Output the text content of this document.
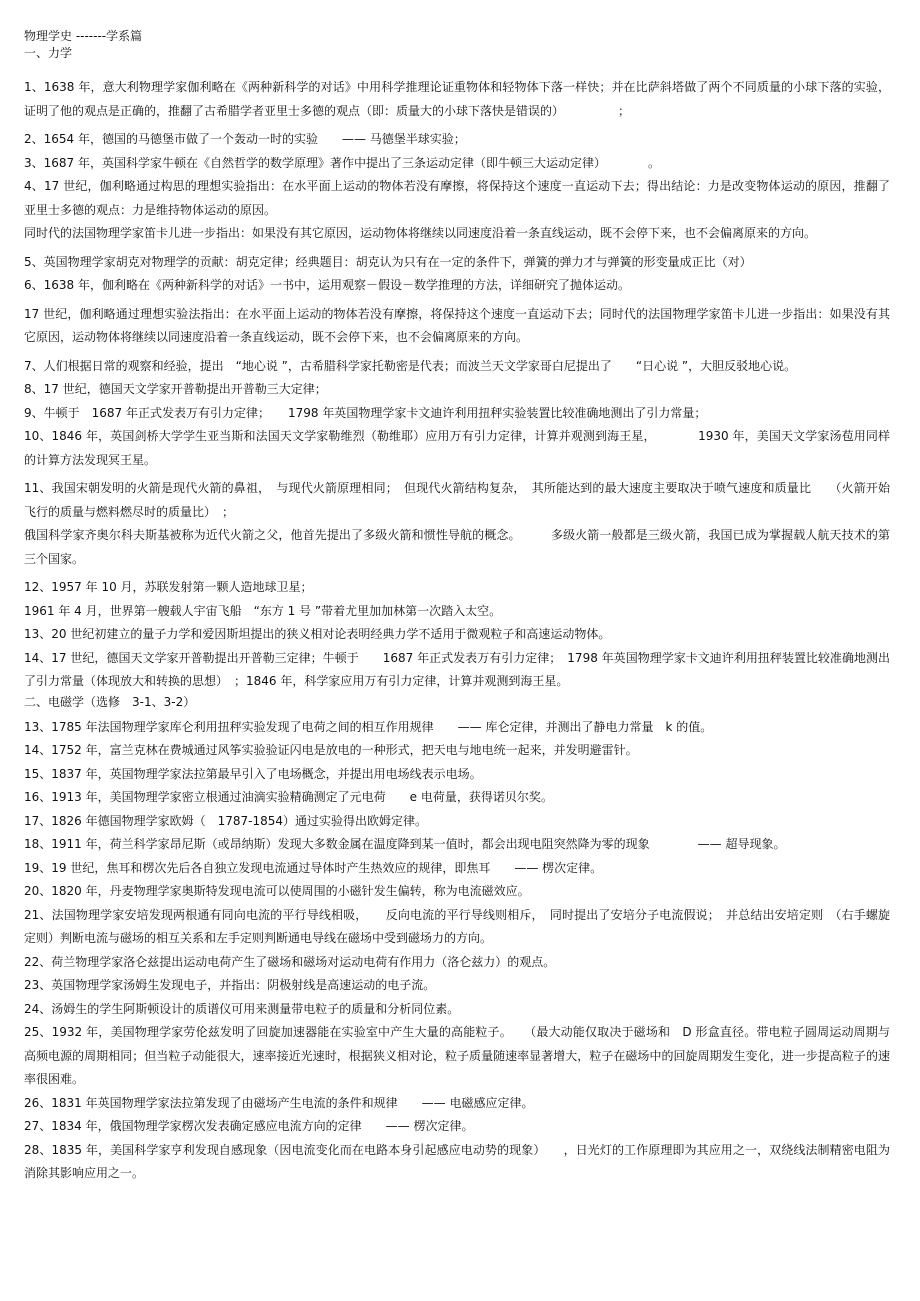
物理学史 -------学系篇
一、力学

1、1638 年，意大利物理学家伽利略在《两种新科学的对话》中用科学推理论证重物体和轻物体下落一样快；并在比萨斜塔做了两个不同质量的小球下落的实验，证明了他的观点是正确的，推翻了古希腊学者亚里士多德的观点（即：质量大的小球下落快是错误的）　　　　　；

2、1654 年，德国的马德堡市做了一个轰动一时的实验　　—— 马德堡半球实验；

3、1687 年，英国科学家牛顿在《自然哲学的数学原理》著作中提出了三条运动定律（即牛顿三大运动定律）　　　　。

4、17 世纪，伽利略通过构思的理想实验指出：在水平面上运动的物体若没有摩擦，将保持这个速度一直运动下去；得出结论：力是改变物体运动的原因，推翻了亚里士多德的观点：力是维持物体运动的原因。

同时代的法国物理学家笛卡儿进一步指出：如果没有其它原因，运动物体将继续以同速度沿着一条直线运动，既不会停下来，也不会偏离原来的方向。

5、英国物理学家胡克对物理学的贡献：胡克定律；经典题目：胡克认为只有在一定的条件下，弹簧的弹力才与弹簧的形变量成正比（对）

6、1638 年，伽利略在《两种新科学的对话》一书中，运用观察－假设－数学推理的方法，详细研究了抛体运动。

17 世纪，伽利略通过理想实验法指出：在水平面上运动的物体若没有摩擦，将保持这个速度一直运动下去；同时代的法国物理学家笛卡儿进一步指出：如果没有其它原因，运动物体将继续以同速度沿着一条直线运动，既不会停下来，也不会偏离原来的方向。

7、人们根据日常的观察和经验，提出　“地心说 ”，古希腊科学家托勒密是代表；而波兰天文学家哥白尼提出了　　“日心说 ”，大胆反驳地心说。

8、17 世纪，德国天文学家开普勒提出开普勒三大定律；

9、牛顿于　1687 年正式发表万有引力定律；　　1798 年英国物理学家卡文迪许利用扭秤实验装置比较准确地测出了引力常量；

10、1846 年，英国剑桥大学学生亚当斯和法国天文学家勒维烈（勒维耶）应用万有引力定律，计算并观测到海王星，　　　　1930 年，美国天文学家汤苞用同样的计算方法发现冥王星。

11、我国宋朝发明的火箭是现代火箭的鼻祖，　与现代火箭原理相同；　但现代火箭结构复杂，　其所能达到的最大速度主要取决于喷气速度和质量比　　（火箭开始飞行的质量与燃料燃尽时的质量比）　；

俄国科学家齐奥尔科夫斯基被称为近代火箭之父，他首先提出了多级火箭和惯性导航的概念。　　　多级火箭一般都是三级火箭，我国已成为掌握载人航天技术的第三个国家。

12、1957 年 10 月，苏联发射第一颗人造地球卫星；

1961 年 4 月，世界第一艘载人宇宙飞船　“东方 1 号 ”带着尤里加加林第一次踏入太空。

13、20 世纪初建立的量子力学和爱因斯坦提出的狭义相对论表明经典力学不适用于微观粒子和高速运动物体。

14、17 世纪，德国天文学家开普勒提出开普勒三定律；牛顿于　　1687 年正式发表万有引力定律；　1798 年英国物理学家卡文迪许利用扭秤装置比较准确地测出了引力常量（体现放大和转换的思想）　；1846 年，科学家应用万有引力定律，计算并观测到海王星。

二、电磁学（选修　3-1、3-2）

13、1785 年法国物理学家库仑利用扭秤实验发现了电荷之间的相互作用规律　　—— 库仑定律，并测出了静电力常量　k 的值。

14、1752 年，富兰克林在费城通过风筝实验验证闪电是放电的一种形式，把天电与地电统一起来，并发明避雷针。

15、1837 年，英国物理学家法拉第最早引入了电场概念，并提出用电场线表示电场。

16、1913 年，美国物理学家密立根通过油滴实验精确测定了元电荷　　e 电荷量，获得诺贝尔奖。

17、1826 年德国物理学家欧姆（　1787-1854）通过实验得出欧姆定律。

18、1911 年，荷兰科学家昂尼斯（或昂纳斯）发现大多数金属在温度降到某一值时，都会出现电阻突然降为零的现象　　　　—— 超导现象。

19、19 世纪，焦耳和楞次先后各自独立发现电流通过导体时产生热效应的规律，即焦耳　　—— 楞次定律。

20、1820 年，丹麦物理学家奥斯特发现电流可以使周围的小磁针发生偏转，称为电流磁效应。

21、法国物理学家安培发现两根通有同向电流的平行导线相吸，　　反向电流的平行导线则相斥，　同时提出了安培分子电流假说；　并总结出安培定则　（右手螺旋定则）判断电流与磁场的相互关系和左手定则判断通电导线在磁场中受到磁场力的方向。

22、荷兰物理学家洛仑兹提出运动电荷产生了磁场和磁场对运动电荷有作用力（洛仑兹力）的观点。

23、英国物理学家汤姆生发现电子，并指出：阴极射线是高速运动的电子流。

24、汤姆生的学生阿斯顿设计的质谱仪可用来测量带电粒子的质量和分析同位素。

25、1932 年，美国物理学家劳伦兹发明了回旋加速器能在实验室中产生大量的高能粒子。　　（最大动能仅取决于磁场和　D 形盒直径。带电粒子圆周运动周期与高频电源的周期相同；但当粒子动能很大，速率接近光速时，根据狭义相对论，粒子质量随速率显著增大，粒子在磁场中的回旋周期发生变化，进一步提高粒子的速率很困难。

26、1831 年英国物理学家法拉第发现了由磁场产生电流的条件和规律　　—— 电磁感应定律。

27、1834 年，俄国物理学家楞次发表确定感应电流方向的定律　　—— 楞次定律。

28、1835 年，美国科学家亨利发现自感现象（因电流变化而在电路本身引起感应电动势的现象）　　，日光灯的工作原理即为其应用之一，双绕线法制精密电阻为消除其影响应用之一。
